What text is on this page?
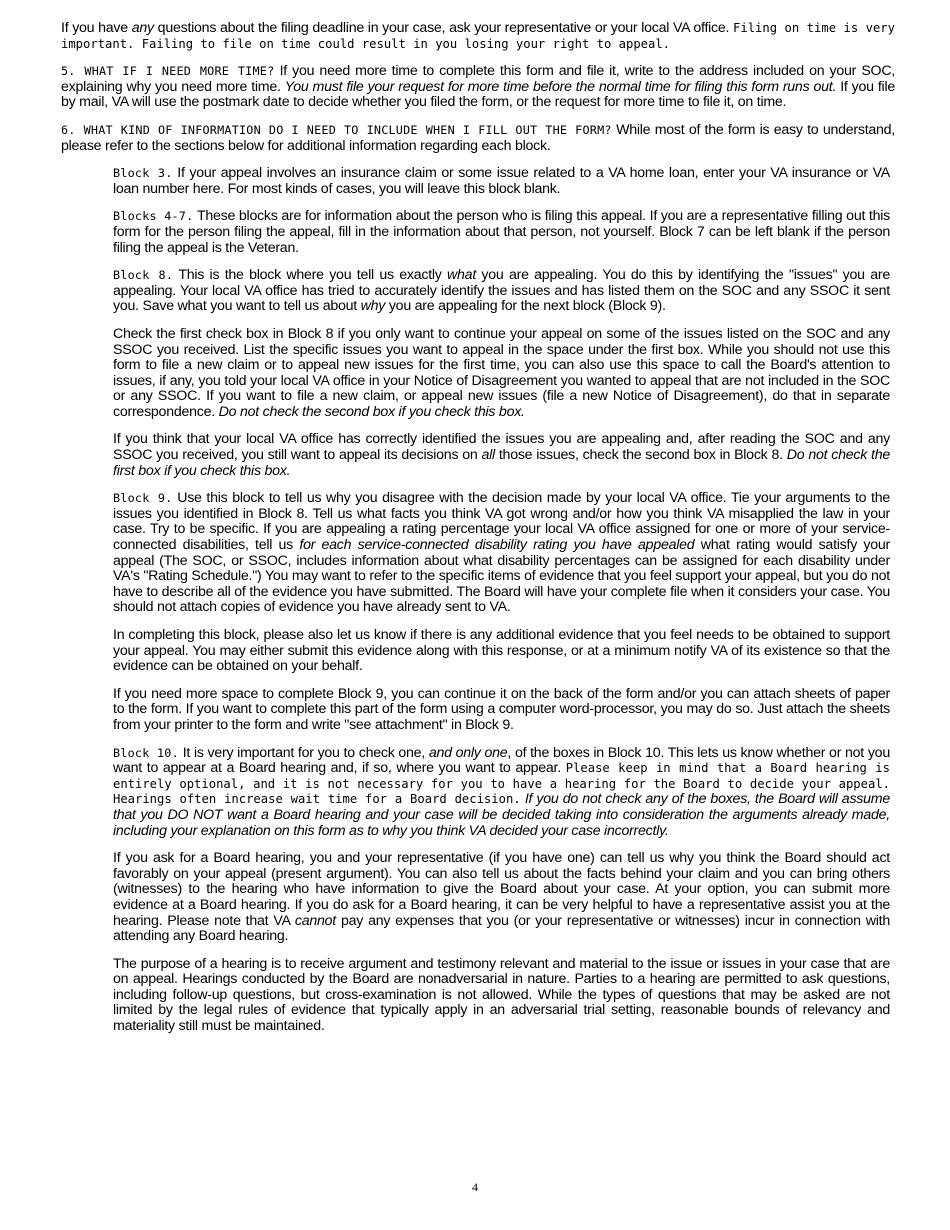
If you have any questions about the filing deadline in your case, ask your representative or your local VA office. Filing on time is very important. Failing to file on time could result in you losing your right to appeal.

5. WHAT IF I NEED MORE TIME? If you need more time to complete this form and file it, write to the address included on your SOC, explaining why you need more time. You must file your request for more time before the normal time for filing this form runs out. If you file by mail, VA will use the postmark date to decide whether you filed the form, or the request for more time to file it, on time.

6. WHAT KIND OF INFORMATION DO I NEED TO INCLUDE WHEN I FILL OUT THE FORM? While most of the form is easy to understand, please refer to the sections below for additional information regarding each block.

Block 3. If your appeal involves an insurance claim or some issue related to a VA home loan, enter your VA insurance or VA loan number here. For most kinds of cases, you will leave this block blank.

Blocks 4-7. These blocks are for information about the person who is filing this appeal. If you are a representative filling out this form for the person filing the appeal, fill in the information about that person, not yourself. Block 7 can be left blank if the person filing the appeal is the Veteran.

Block 8. This is the block where you tell us exactly what you are appealing. You do this by identifying the "issues" you are appealing. Your local VA office has tried to accurately identify the issues and has listed them on the SOC and any SSOC it sent you. Save what you want to tell us about why you are appealing for the next block (Block 9).

Check the first check box in Block 8 if you only want to continue your appeal on some of the issues listed on the SOC and any SSOC you received. List the specific issues you want to appeal in the space under the first box. While you should not use this form to file a new claim or to appeal new issues for the first time, you can also use this space to call the Board's attention to issues, if any, you told your local VA office in your Notice of Disagreement you wanted to appeal that are not included in the SOC or any SSOC. If you want to file a new claim, or appeal new issues (file a new Notice of Disagreement), do that in separate correspondence. Do not check the second box if you check this box.

If you think that your local VA office has correctly identified the issues you are appealing and, after reading the SOC and any SSOC you received, you still want to appeal its decisions on all those issues, check the second box in Block 8. Do not check the first box if you check this box.

Block 9. Use this block to tell us why you disagree with the decision made by your local VA office. Tie your arguments to the issues you identified in Block 8. Tell us what facts you think VA got wrong and/or how you think VA misapplied the law in your case. Try to be specific. If you are appealing a rating percentage your local VA office assigned for one or more of your service-connected disabilities, tell us for each service-connected disability rating you have appealed what rating would satisfy your appeal (The SOC, or SSOC, includes information about what disability percentages can be assigned for each disability under VA's "Rating Schedule.") You may want to refer to the specific items of evidence that you feel support your appeal, but you do not have to describe all of the evidence you have submitted. The Board will have your complete file when it considers your case. You should not attach copies of evidence you have already sent to VA.

In completing this block, please also let us know if there is any additional evidence that you feel needs to be obtained to support your appeal. You may either submit this evidence along with this response, or at a minimum notify VA of its existence so that the evidence can be obtained on your behalf.

If you need more space to complete Block 9, you can continue it on the back of the form and/or you can attach sheets of paper to the form. If you want to complete this part of the form using a computer word-processor, you may do so. Just attach the sheets from your printer to the form and write "see attachment" in Block 9.

Block 10. It is very important for you to check one, and only one, of the boxes in Block 10. This lets us know whether or not you want to appear at a Board hearing and, if so, where you want to appear. Please keep in mind that a Board hearing is entirely optional, and it is not necessary for you to have a hearing for the Board to decide your appeal. Hearings often increase wait time for a Board decision. If you do not check any of the boxes, the Board will assume that you DO NOT want a Board hearing and your case will be decided taking into consideration the arguments already made, including your explanation on this form as to why you think VA decided your case incorrectly.

If you ask for a Board hearing, you and your representative (if you have one) can tell us why you think the Board should act favorably on your appeal (present argument). You can also tell us about the facts behind your claim and you can bring others (witnesses) to the hearing who have information to give the Board about your case. At your option, you can submit more evidence at a Board hearing. If you do ask for a Board hearing, it can be very helpful to have a representative assist you at the hearing. Please note that VA cannot pay any expenses that you (or your representative or witnesses) incur in connection with attending any Board hearing.

The purpose of a hearing is to receive argument and testimony relevant and material to the issue or issues in your case that are on appeal. Hearings conducted by the Board are nonadversarial in nature. Parties to a hearing are permitted to ask questions, including follow-up questions, but cross-examination is not allowed. While the types of questions that may be asked are not limited by the legal rules of evidence that typically apply in an adversarial trial setting, reasonable bounds of relevancy and materiality still must be maintained.

4
